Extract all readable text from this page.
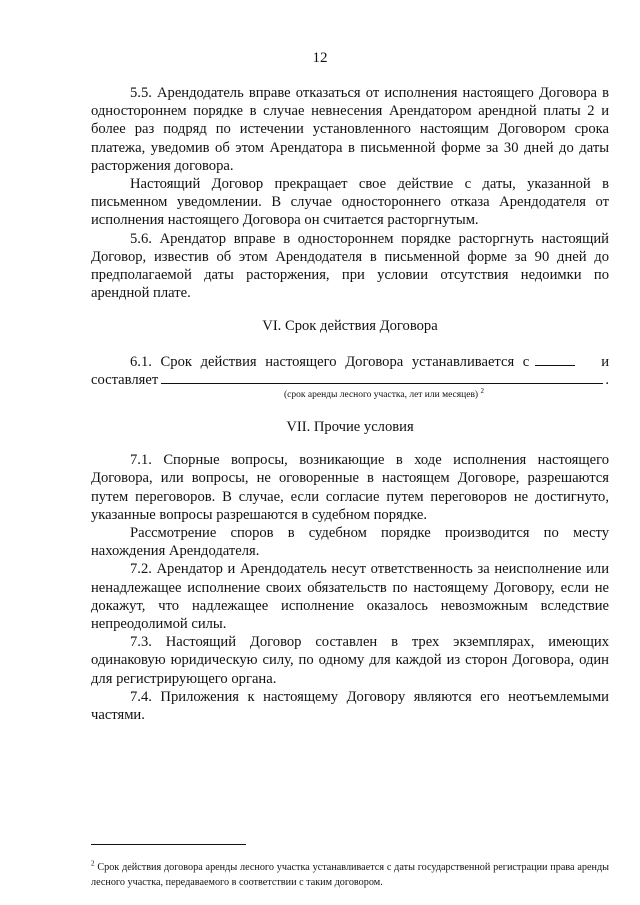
12

5.5. Арендодатель вправе отказаться от исполнения настоящего Договора в одностороннем порядке в случае невнесения Арендатором арендной платы 2 и более раз подряд по истечении установленного настоящим Договором срока платежа, уведомив об этом Арендатора в письменной форме за 30 дней до даты расторжения договора.

Настоящий Договор прекращает свое действие с даты, указанной в письменном уведомлении. В случае одностороннего отказа Арендодателя от исполнения настоящего Договора он считается расторгнутым.

5.6. Арендатор вправе в одностороннем порядке расторгнуть настоящий Договор, известив об этом Арендодателя в письменной форме за 90 дней до предполагаемой даты расторжения, при условии отсутствия недоимки по арендной плате.

VI. Срок действия Договора

6.1. Срок действия настоящего Договора устанавливается с	и
составляет	.

(срок аренды лесного участка, лет или месяцев) $^2$

VII. Прочие условия

7.1. Спорные вопросы, возникающие в ходе исполнения настоящего Договора, или вопросы, не оговоренные в настоящем Договоре, разрешаются путем переговоров. В случае, если согласие путем переговоров не достигнуто, указанные вопросы разрешаются в судебном порядке.

Рассмотрение споров в судебном порядке производится по месту нахождения Арендодателя.

7.2. Арендатор и Арендодатель несут ответственность за неисполнение или ненадлежащее исполнение своих обязательств по настоящему Договору, если не докажут, что надлежащее исполнение оказалось невозможным вследствие непреодолимой силы.

7.3. Настоящий Договор составлен в трех экземплярах, имеющих одинаковую юридическую силу, по одному для каждой из сторон Договора, один для регистрирующего органа.

7.4. Приложения к настоящему Договору являются его неотъемлемыми частями.

$^2$ Срок действия договора аренды лесного участка устанавливается с даты государственной регистрации права аренды лесного участка, передаваемого в соответствии с таким договором.
